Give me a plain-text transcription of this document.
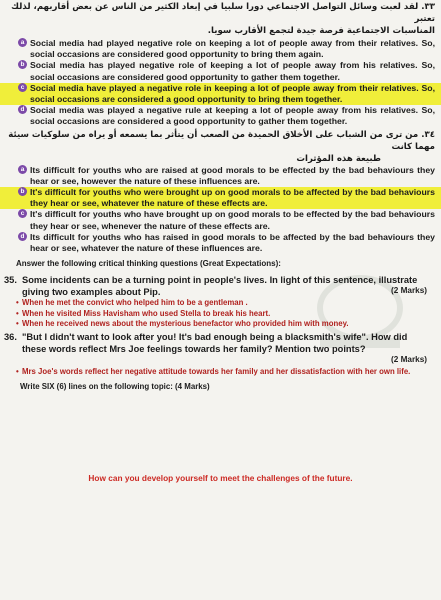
٣٣. لقد لعبت وسائل التواصل الاجتماعي دورا سلبيا في إبعاد الكثير من الناس عن بعض أقاربهم، لذلك تعتبر
المناسبات الاجتماعية فرصة جيدة لتجمع الأقارب سويا.
a Social media had played negative role on keeping a lot of people away from their relatives. So, social occasions are considered good opportunity to bring them again.
b Social media has played negative role of keeping a lot of people away from his relatives. So, social occasions are considered good opportunity to gather them together.
c Social media have played a negative role in keeping a lot of people away from their relatives. So, social occasions are considered a good opportunity to bring them together.
d Social media was played a negative rule at keeping a lot of people away from his relatives. So, social occasions are considered a good opportunity to gather them together.
٣٤. من ترى من الشباب على الأخلاق الحميدة من الصعب أن يتأثر بما يسمعه أو يراه من سلوكيات سيئة مهما كانت
طبيعة هذه المؤثرات
a Its difficult for youths who are raised at good morals to be effected by the bad behaviours they hear or see, however the nature of these influences are.
b It's difficult for youths who were brought up on good morals to be affected by the bad behaviours they hear or see, whatever the nature of these effects are.
c It's difficult for youths who have brought up on good morals to be effected by the bad behaviours they hear or see, whenever the nature of these effects are.
d Its difficult for youths who has raised in good morals to be affected by the bad behaviours they hear or see, whatever the nature of these influences are.
Answer the following critical thinking questions (Great Expectations):
35. Some incidents can be a turning point in people's lives. In light of this sentence, illustrate giving two examples about Pip.	(2 Marks)
• When he met the convict who helped him to be a gentleman .
• When he visited Miss Havisham who used Stella to break his heart.
• When he received news about the mysterious benefactor who provided him with money.
36. "But I didn't want to look after you! It's bad enough being a blacksmith's wife". How did these words reflect Mrs Joe feelings towards her family? Mention two points?
(2 Marks)
• Mrs Joe's words reflect her negative attitude towards her family and her dissatisfaction with her own life.
Write SIX (6) lines on the following topic: (4 Marks)
How can you develop yourself to meet the challenges of the future.
